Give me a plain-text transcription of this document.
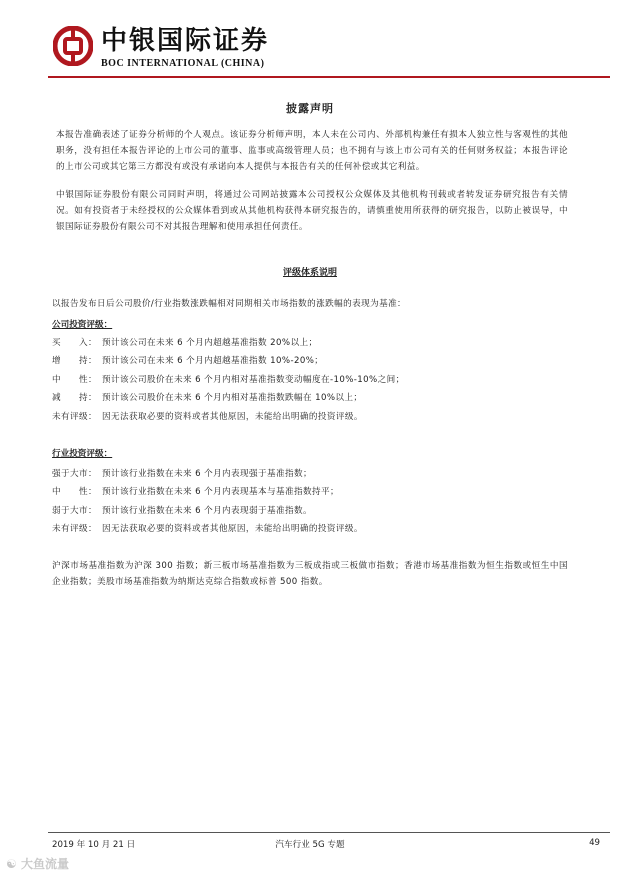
中银国际证券
BOC INTERNATIONAL (CHINA)
披露声明
本报告准确表述了证券分析师的个人观点。该证券分析师声明，本人未在公司内、外部机构兼任有损本人独立性与客观性的其他职务，没有担任本报告评论的上市公司的董事、监事或高级管理人员；也不拥有与该上市公司有关的任何财务权益；本报告评论的上市公司或其它第三方都没有或没有承诺向本人提供与本报告有关的任何补偿或其它利益。
中银国际证券股份有限公司同时声明，将通过公司网站披露本公司授权公众媒体及其他机构刊载或者转发证券研究报告有关情况。如有投资者于未经授权的公众媒体看到或从其他机构获得本研究报告的，请慎重使用所获得的研究报告，以防止被误导，中银国际证券股份有限公司不对其报告理解和使用承担任何责任。
评级体系说明
以报告发布日后公司股价/行业指数涨跌幅相对同期相关市场指数的涨跌幅的表现为基准：
公司投资评级：
买　　入： 预计该公司在未来 6 个月内超越基准指数 20%以上；
增　　持： 预计该公司在未来 6 个月内超越基准指数 10%-20%；
中　　性： 预计该公司股价在未来 6 个月内相对基准指数变动幅度在-10%-10%之间；
减　　持： 预计该公司股价在未来 6 个月内相对基准指数跌幅在 10%以上；
未有评级： 因无法获取必要的资料或者其他原因，未能给出明确的投资评级。
行业投资评级：
强于大市： 预计该行业指数在未来 6 个月内表现强于基准指数；
中　　性： 预计该行业指数在未来 6 个月内表现基本与基准指数持平；
弱于大市： 预计该行业指数在未来 6 个月内表现弱于基准指数。
未有评级： 因无法获取必要的资料或者其他原因，未能给出明确的投资评级。
沪深市场基准指数为沪深 300 指数；新三板市场基准指数为三板成指或三板做市指数；香港市场基准指数为恒生指数或恒生中国企业指数；美股市场基准指数为纳斯达克综合指数或标普 500 指数。
2019 年 10 月 21 日	汽车行业 5G 专题	49
☯ 大鱼流量
